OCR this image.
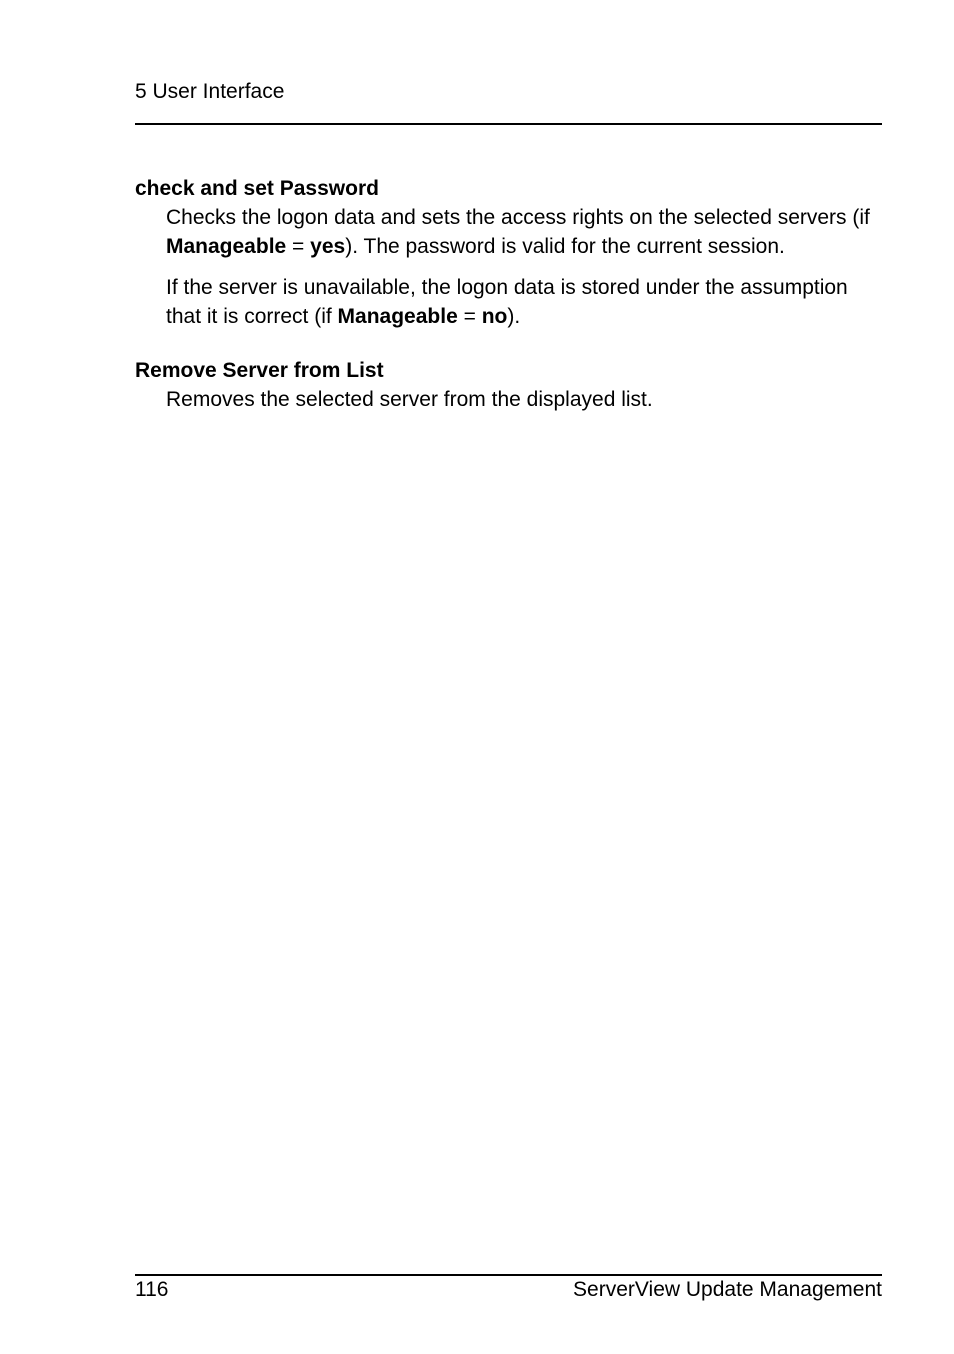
5 User Interface

check and set Password

Checks the logon data and sets the access rights on the selected servers (if Manageable = yes). The password is valid for the current session.

If the server is unavailable, the logon data is stored under the assumption that it is correct (if Manageable = no).

Remove Server from List

Removes the selected server from the displayed list.

116	ServerView Update Management
